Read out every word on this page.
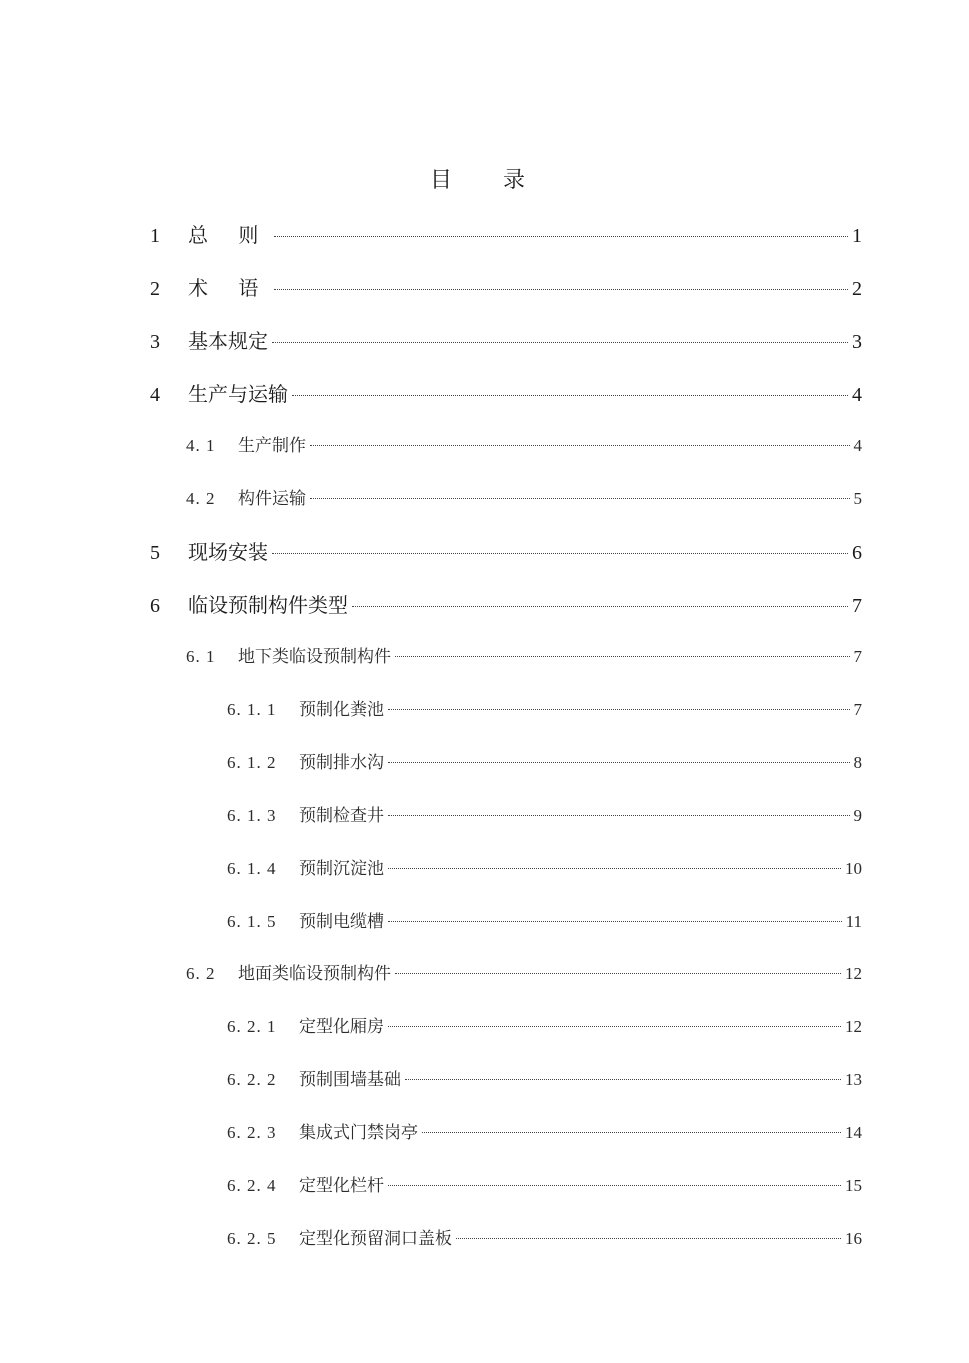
目 录
1	总 则	1
2	术 语	2
3	基本规定	3
4	生产与运输	4
4. 1	生产制作	4
4. 2	构件运输	5
5	现场安装	6
6	临设预制构件类型	7
6. 1	地下类临设预制构件	7
6. 1. 1	预制化粪池	7
6. 1. 2	预制排水沟	8
6. 1. 3	预制检查井	9
6. 1. 4	预制沉淀池	10
6. 1. 5	预制电缆槽	11
6. 2	地面类临设预制构件	12
6. 2. 1	定型化厢房	12
6. 2. 2	预制围墙基础	13
6. 2. 3	集成式门禁岗亭	14
6. 2. 4	定型化栏杆	15
6. 2. 5	定型化预留洞口盖板	16
